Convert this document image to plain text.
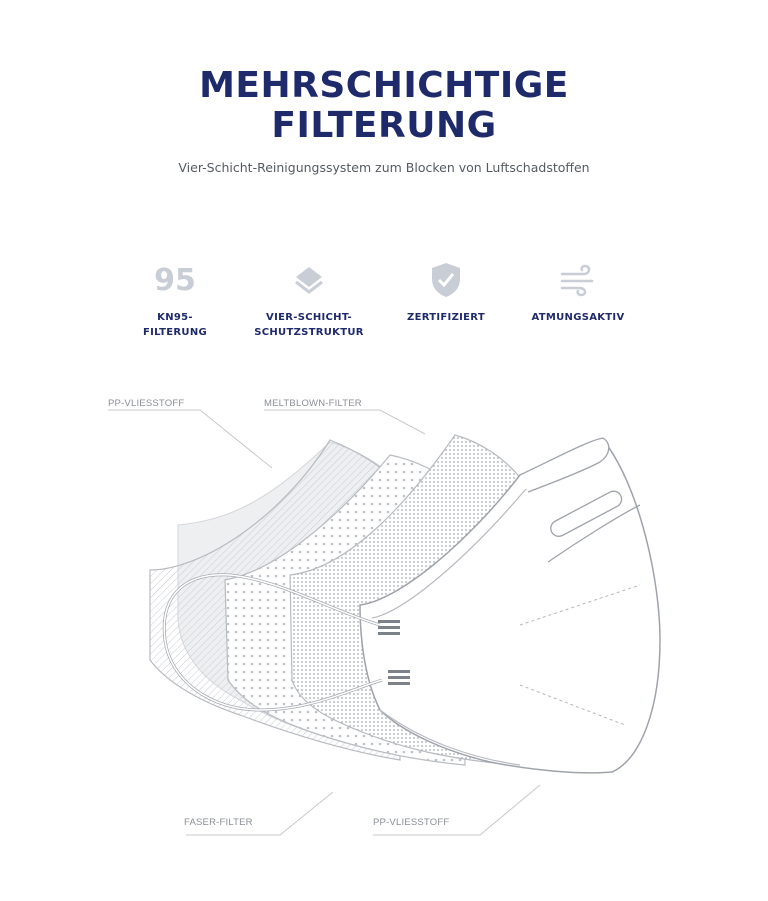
MEHRSCHICHTIGE
FILTERUNG
Vier-Schicht-Reinigungssystem zum Blocken von Luftschadstoffen
95
KN95-
FILTERUNG
VIER-SCHICHT-
SCHUTZSTRUKTUR
ZERTIFIZIERT	ATMUNGSAKTIV
PP-VLIESSTOFF	MELTBLOWN-FILTER
FASER-FILTER	PP-VLIESSTOFF
